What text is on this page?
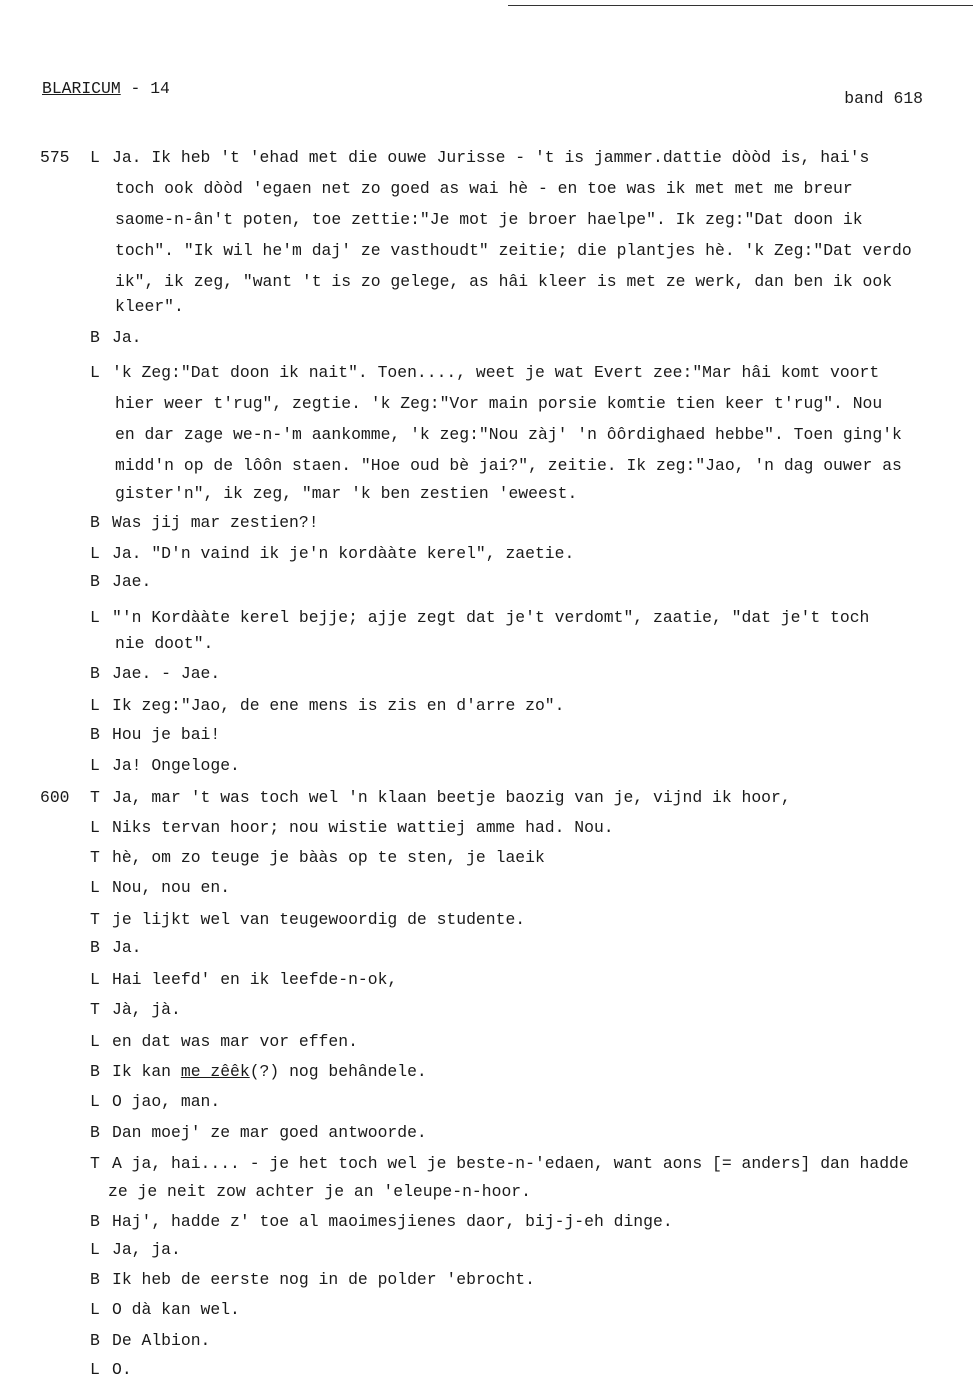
BLARICUM - 14
band 618
575	L Ja. Ik heb 't 'ehad met die ouwe Jurisse - 't is jammer.dattie dòòd is, hai's
toch ook dòòd 'egaen net zo goed as wai hè - en toe was ik met met me breur
saome-n-ân't poten, toe zettie:"Je mot je broer haelpe". Ik zeg:"Dat doon ik
toch". "Ik wil he'm daj' ze vasthoudt" zeitie; die plantjes hè. 'k Zeg:"Dat verdo
ik", ik zeg, "want 't is zo gelege, as hâi kleer is met ze werk, dan ben ik ook
kleer".
B Ja.
L 'k Zeg:"Dat doon ik nait". Toen...., weet je wat Evert zee:"Mar hâi komt voort
hier weer t'rug", zegtie. 'k Zeg:"Vor main porsie komtie tien keer t'rug". Nou
en dar zage we-n-'m aankomme, 'k zeg:"Nou zàj' 'n ôôrdighaed hebbe". Toen ging'k
midd'n op de lôôn staen. "Hoe oud bè jai?", zeitie. Ik zeg:"Jao, 'n dag ouwer as
gister'n", ik zeg, "mar 'k ben zestien 'eweest.
B Was jij mar zestien?!
L Ja. "D'n vaind ik je'n kordààte kerel", zaetie.
B Jae.
L "'n Kordààte kerel bejje; ajje zegt dat je't verdomt", zaatie, "dat je't toch
nie doot".
B Jae. - Jae.
L Ik zeg:"Jao, de ene mens is zis en d'arre zo".
B Hou je bai!
L Ja! Ongeloge.
600	T Ja, mar 't was toch wel 'n klaan beetje baozig van je, vijnd ik hoor,
L Niks tervan hoor; nou wistie wattiej amme had. Nou.
T hè, om zo teuge je bààs op te sten, je laeik
L Nou, nou en.
T je lijkt wel van teugewoordig de studente.
B Ja.
L Hai leefd' en ik leefde-n-ok,
T Jà, jà.
L en dat was mar vor effen.
B Ik kan me zêêk(?) nog behândele.
L O jao, man.
B Dan moej' ze mar goed antwoorde.
T A ja, hai.... - je het toch wel je beste-n-'edaen, want aons [= anders] dan hadde
ze je neit zow achter je an 'eleupe-n-hoor.
B Haj', hadde z' toe al maoimesjienes daor, bij-j-eh dinge.
L Ja, ja.
B Ik heb de eerste nog in de polder 'ebrocht.
L O dà kan wel.
B De Albion.
L O.
